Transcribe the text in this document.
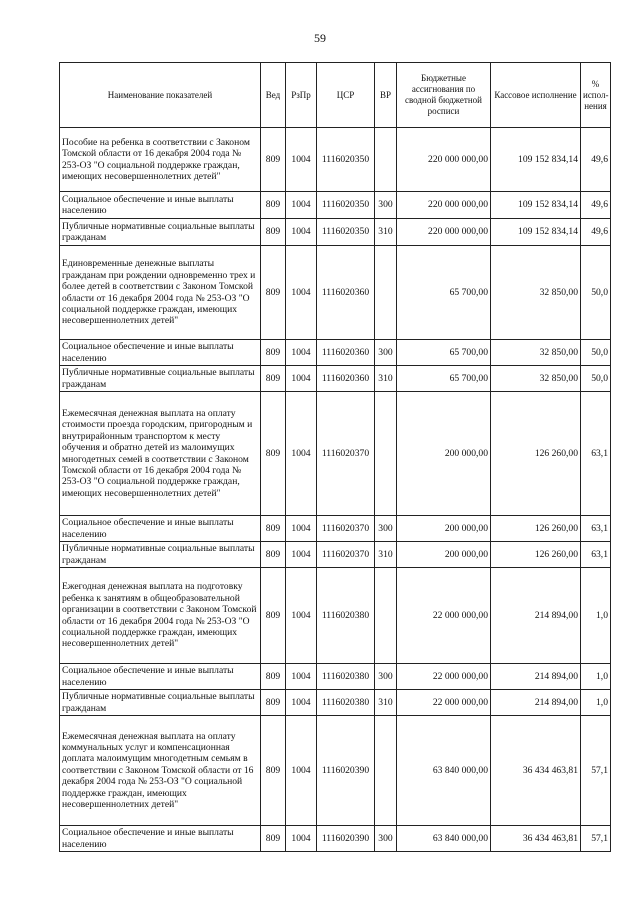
59
Наименование показателей	Вед	РзПр	ЦСР	ВР	Бюджетные ассигнования по сводной бюджетной росписи	Кассовое исполнение	% испол-нения
Пособие на ребенка в соответствии с Законом Томской области от 16 декабря 2004 года № 253-ОЗ "О социальной поддержке граждан, имеющих несовершеннолетних детей"	809	1004	1116020350		220 000 000,00	109 152 834,14	49,6
Социальное обеспечение и иные выплаты населению	809	1004	1116020350	300	220 000 000,00	109 152 834,14	49,6
Публичные нормативные социальные выплаты гражданам	809	1004	1116020350	310	220 000 000,00	109 152 834,14	49,6
Единовременные денежные выплаты гражданам при рождении одновременно трех и более детей в соответствии с Законом Томской области от 16 декабря 2004 года № 253-ОЗ "О социальной поддержке граждан, имеющих несовершеннолетних детей"	809	1004	1116020360		65 700,00	32 850,00	50,0
Социальное обеспечение и иные выплаты населению	809	1004	1116020360	300	65 700,00	32 850,00	50,0
Публичные нормативные социальные выплаты гражданам	809	1004	1116020360	310	65 700,00	32 850,00	50,0
Ежемесячная денежная выплата на оплату стоимости проезда городским, пригородным и внутрирайонным транспортом к месту обучения и обратно детей из малоимущих многодетных семей в соответствии с Законом Томской области от 16 декабря 2004 года № 253-ОЗ "О социальной поддержке граждан, имеющих несовершеннолетних детей"	809	1004	1116020370		200 000,00	126 260,00	63,1
Социальное обеспечение и иные выплаты населению	809	1004	1116020370	300	200 000,00	126 260,00	63,1
Публичные нормативные социальные выплаты гражданам	809	1004	1116020370	310	200 000,00	126 260,00	63,1
Ежегодная денежная выплата на подготовку ребенка к занятиям в общеобразовательной организации в соответствии с Законом Томской области от 16 декабря 2004 года № 253-ОЗ "О социальной поддержке граждан, имеющих несовершеннолетних детей"	809	1004	1116020380		22 000 000,00	214 894,00	1,0
Социальное обеспечение и иные выплаты населению	809	1004	1116020380	300	22 000 000,00	214 894,00	1,0
Публичные нормативные социальные выплаты гражданам	809	1004	1116020380	310	22 000 000,00	214 894,00	1,0
Ежемесячная денежная выплата на оплату коммунальных услуг и компенсационная доплата малоимущим многодетным семьям в соответствии с Законом Томской области от 16 декабря 2004 года № 253-ОЗ "О социальной поддержке граждан, имеющих несовершеннолетних детей"	809	1004	1116020390		63 840 000,00	36 434 463,81	57,1
Социальное обеспечение и иные выплаты населению	809	1004	1116020390	300	63 840 000,00	36 434 463,81	57,1
